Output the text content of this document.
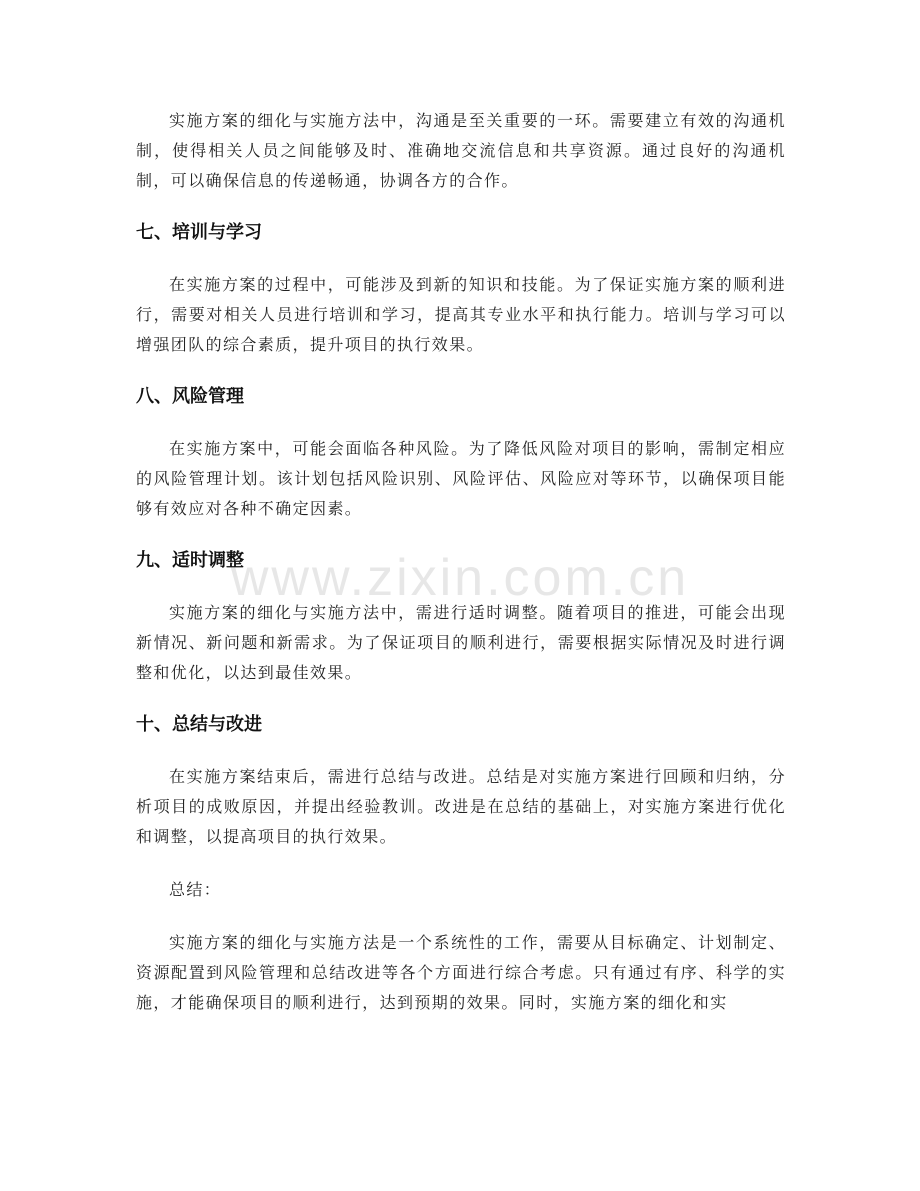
实施方案的细化与实施方法中，沟通是至关重要的一环。需要建立有效的沟通机制，使得相关人员之间能够及时、准确地交流信息和共享资源。通过良好的沟通机制，可以确保信息的传递畅通，协调各方的合作。

七、培训与学习

在实施方案的过程中，可能涉及到新的知识和技能。为了保证实施方案的顺利进行，需要对相关人员进行培训和学习，提高其专业水平和执行能力。培训与学习可以增强团队的综合素质，提升项目的执行效果。

八、风险管理

在实施方案中，可能会面临各种风险。为了降低风险对项目的影响，需制定相应的风险管理计划。该计划包括风险识别、风险评估、风险应对等环节，以确保项目能够有效应对各种不确定因素。

九、适时调整

实施方案的细化与实施方法中，需进行适时调整。随着项目的推进，可能会出现新情况、新问题和新需求。为了保证项目的顺利进行，需要根据实际情况及时进行调整和优化，以达到最佳效果。

十、总结与改进

在实施方案结束后，需进行总结与改进。总结是对实施方案进行回顾和归纳，分析项目的成败原因，并提出经验教训。改进是在总结的基础上，对实施方案进行优化和调整，以提高项目的执行效果。

总结：

实施方案的细化与实施方法是一个系统性的工作，需要从目标确定、计划制定、资源配置到风险管理和总结改进等各个方面进行综合考虑。只有通过有序、科学的实施，才能确保项目的顺利进行，达到预期的效果。同时，实施方案的细化和实

www.zixin.com.cn
